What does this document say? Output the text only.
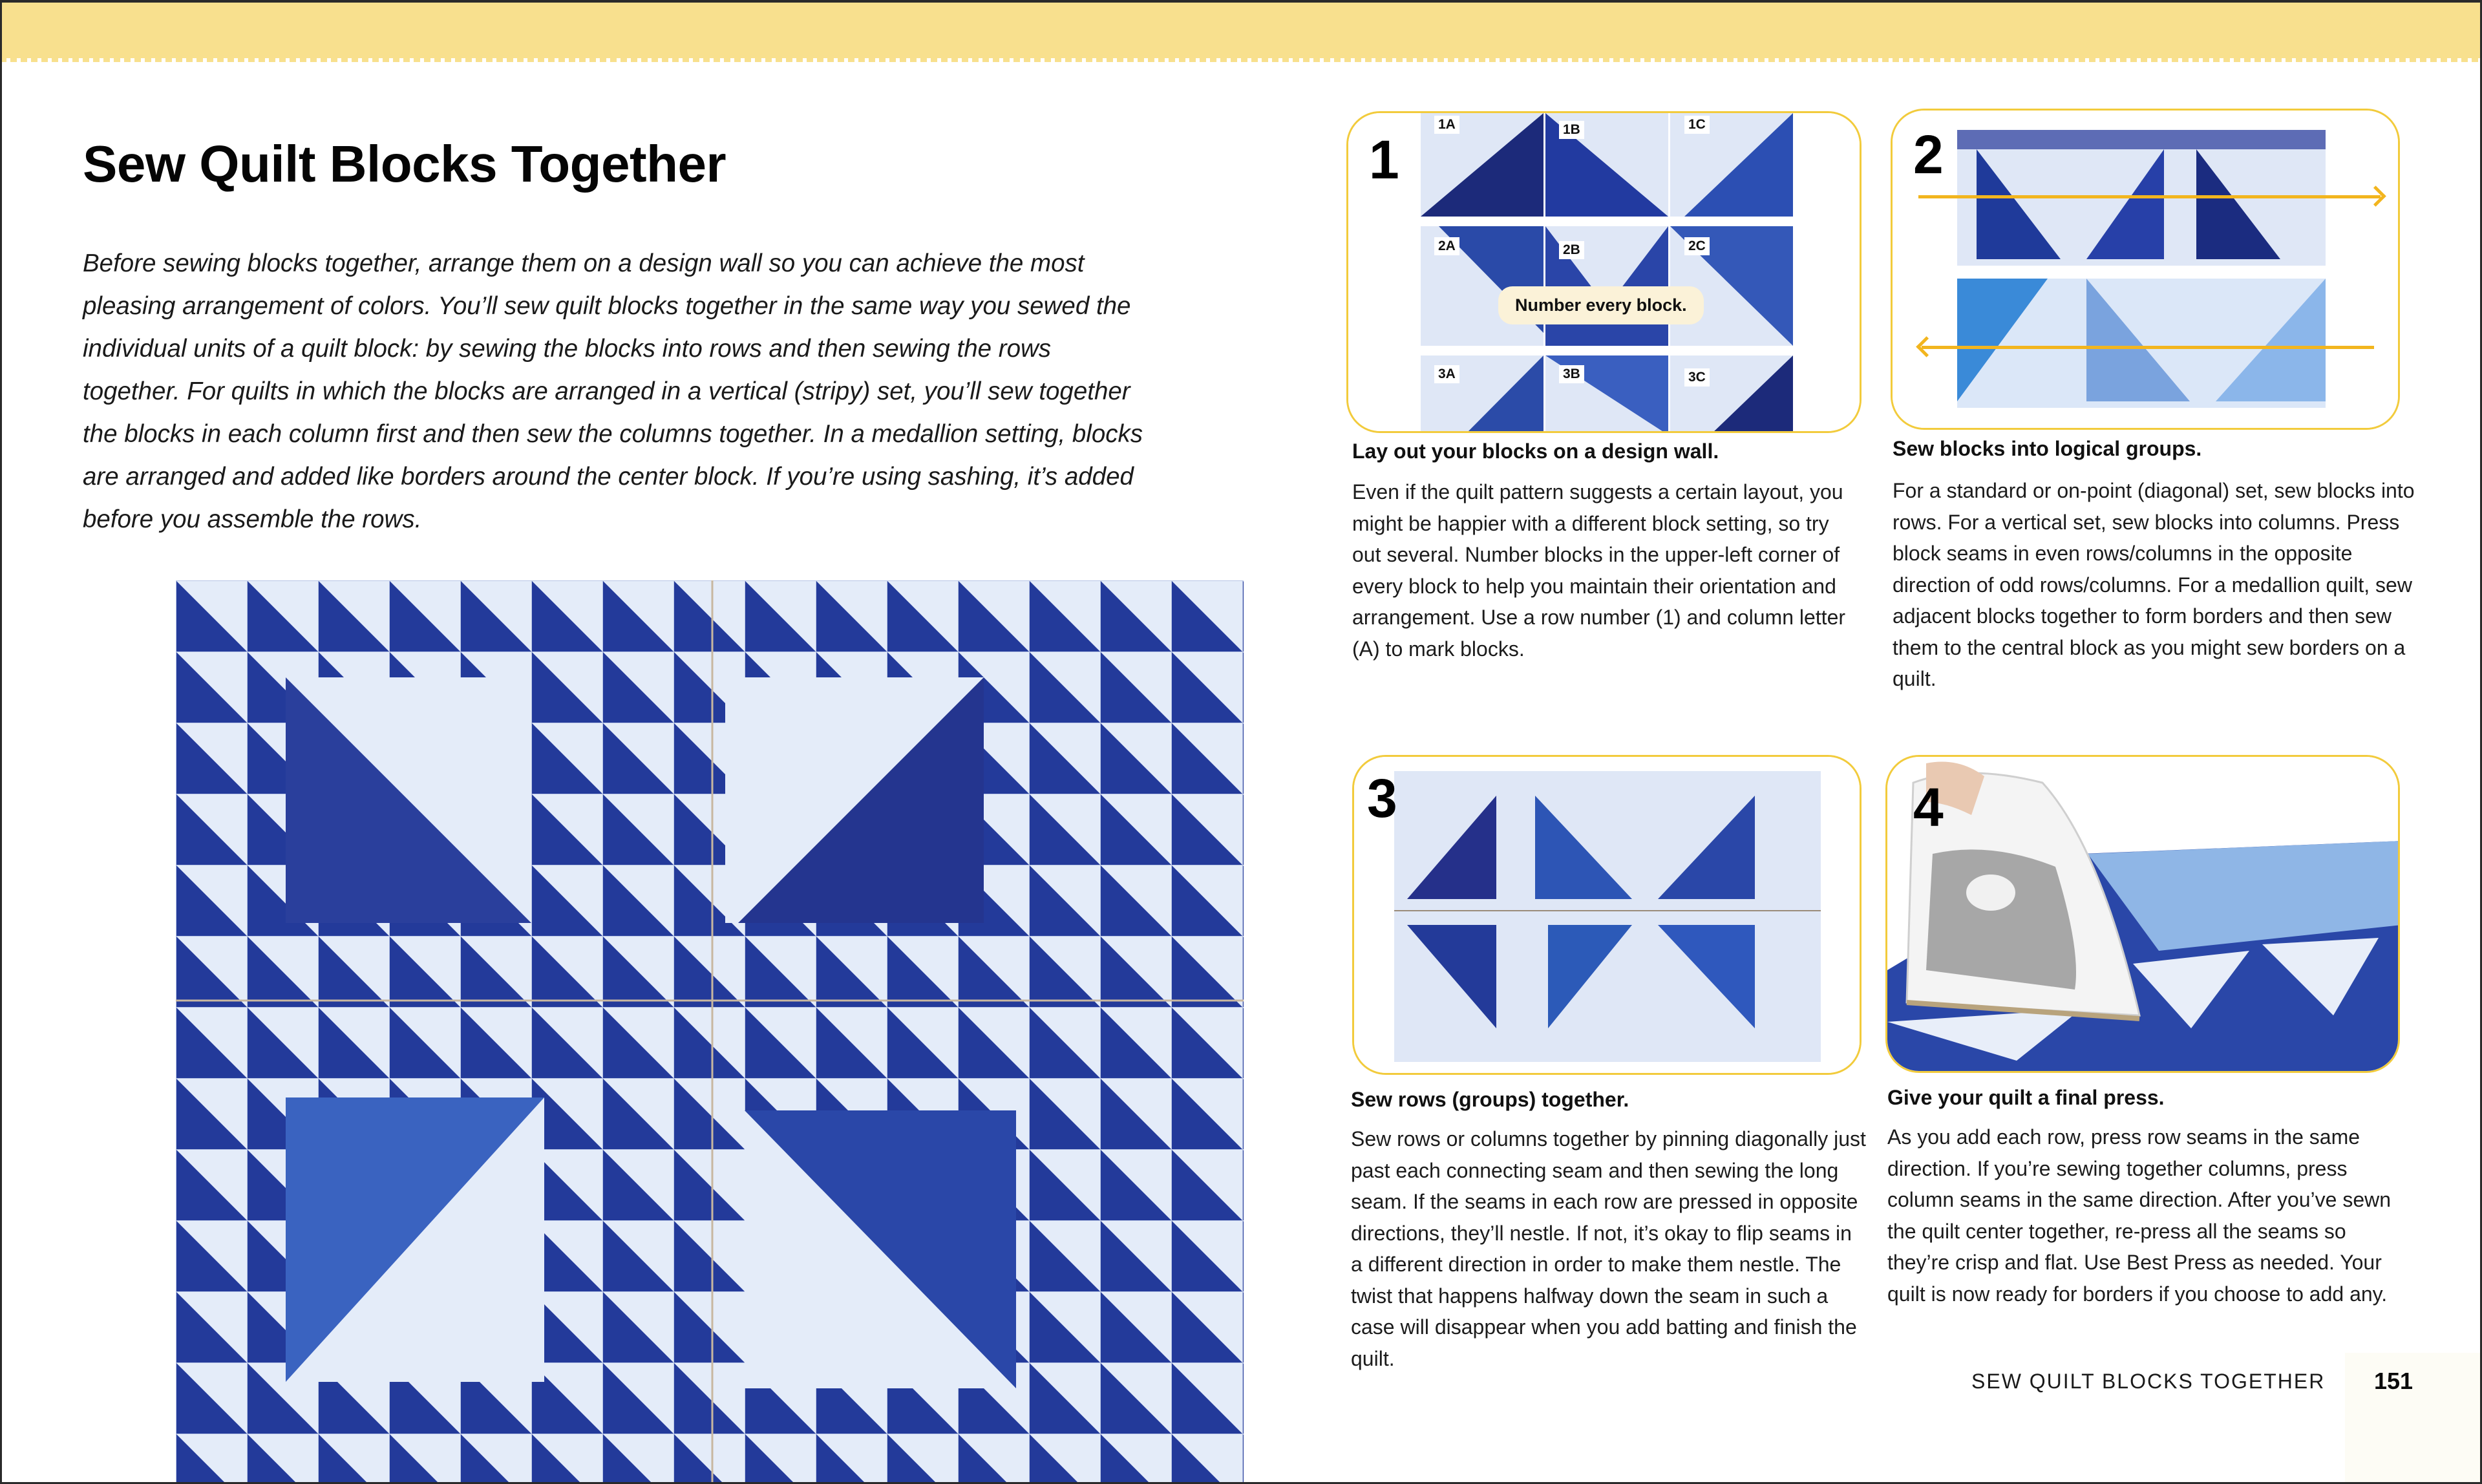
Sew Quilt Blocks Together

Before sewing blocks together, arrange them on a design wall so you can achieve the most pleasing arrangement of colors. You’ll sew quilt blocks together in the same way you sewed the individual units of a quilt block: by sewing the blocks into rows and then sewing the rows together. For quilts in which the blocks are arranged in a vertical (stripy) set, you’ll sew together the blocks in each column first and then sew the columns together. In a medallion setting, blocks are arranged and added like borders around the center block. If you’re using sashing, it’s added before you assemble the rows.

1
1A	1B	1C
2A	2B	2C
3A	3B	3C
Number every block.
Lay out your blocks on a design wall.
Even if the quilt pattern suggests a certain layout, you might be happier with a different block setting, so try out several. Number blocks in the upper-left corner of every block to help you maintain their orientation and arrangement. Use a row number (1) and column letter (A) to mark blocks.
2
Sew blocks into logical groups.
For a standard or on-point (diagonal) set, sew blocks into rows. For a vertical set, sew blocks into columns. Press block seams in even rows/columns in the opposite direction of odd rows/columns. For a medallion quilt, sew adjacent blocks together to form borders and then sew them to the central block as you might sew borders on a quilt.
3
Sew rows (groups) together.
Sew rows or columns together by pinning diagonally just past each connecting seam and then sewing the long seam. If the seams in each row are pressed in opposite directions, they’ll nestle. If not, it’s okay to flip seams in a different direction in order to make them nestle. The twist that happens halfway down the seam in such a case will disappear when you add batting and finish the quilt.
4
Give your quilt a final press.
As you add each row, press row seams in the same direction. If you’re sewing together columns, press column seams in the same direction. After you’ve sewn the quilt center together, re-press all the seams so they’re crisp and flat. Use Best Press as needed. Your quilt is now ready for borders if you choose to add any.
SEW QUILT BLOCKS TOGETHER 151
